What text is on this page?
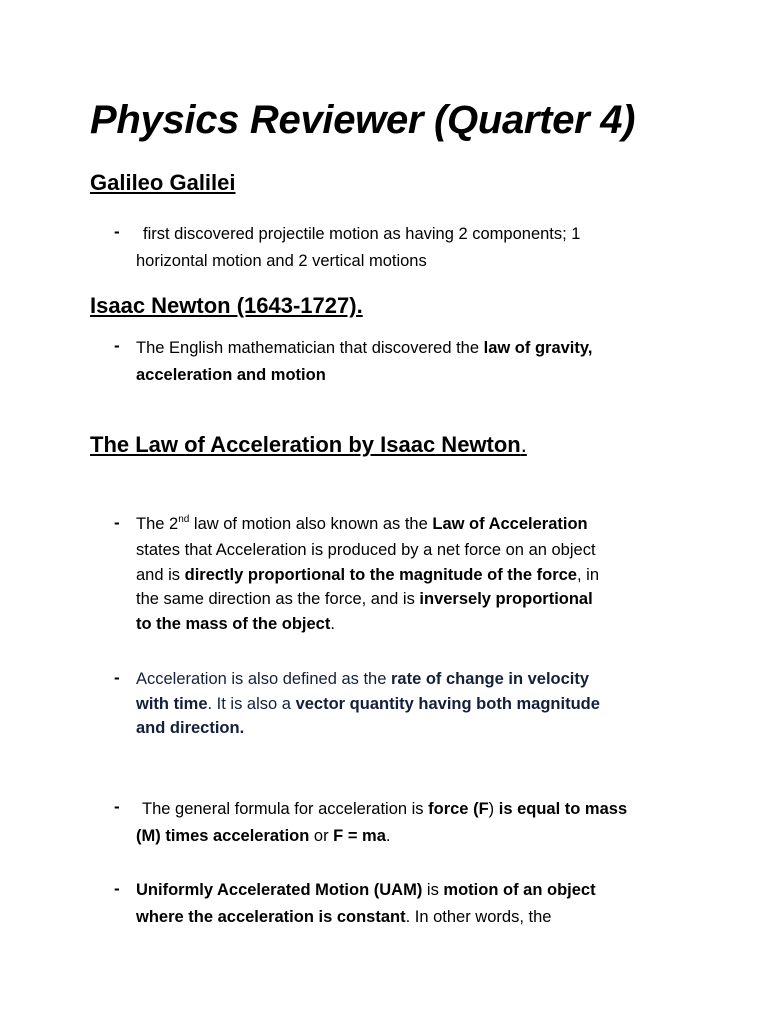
Physics Reviewer (Quarter 4)
Galileo Galilei
-	first discovered projectile motion as having 2 components; 1
horizontal motion and 2 vertical motions
Isaac Newton (1643-1727).
- The English mathematician that discovered the law of gravity,
acceleration and motion
The Law of Acceleration by Isaac Newton.
- The 2nd law of motion also known as the Law of Acceleration
states that Acceleration is produced by a net force on an object
and is directly proportional to the magnitude of the force, in
the same direction as the force, and is inversely proportional
to the mass of the object.
- Acceleration is also defined as the rate of change in velocity
with time. It is also a vector quantity having both magnitude
and direction.
-	The general formula for acceleration is force (F) is equal to mass
(M) times acceleration or F = ma.
- Uniformly Accelerated Motion (UAM) is motion of an object
where the acceleration is constant. In other words, the
